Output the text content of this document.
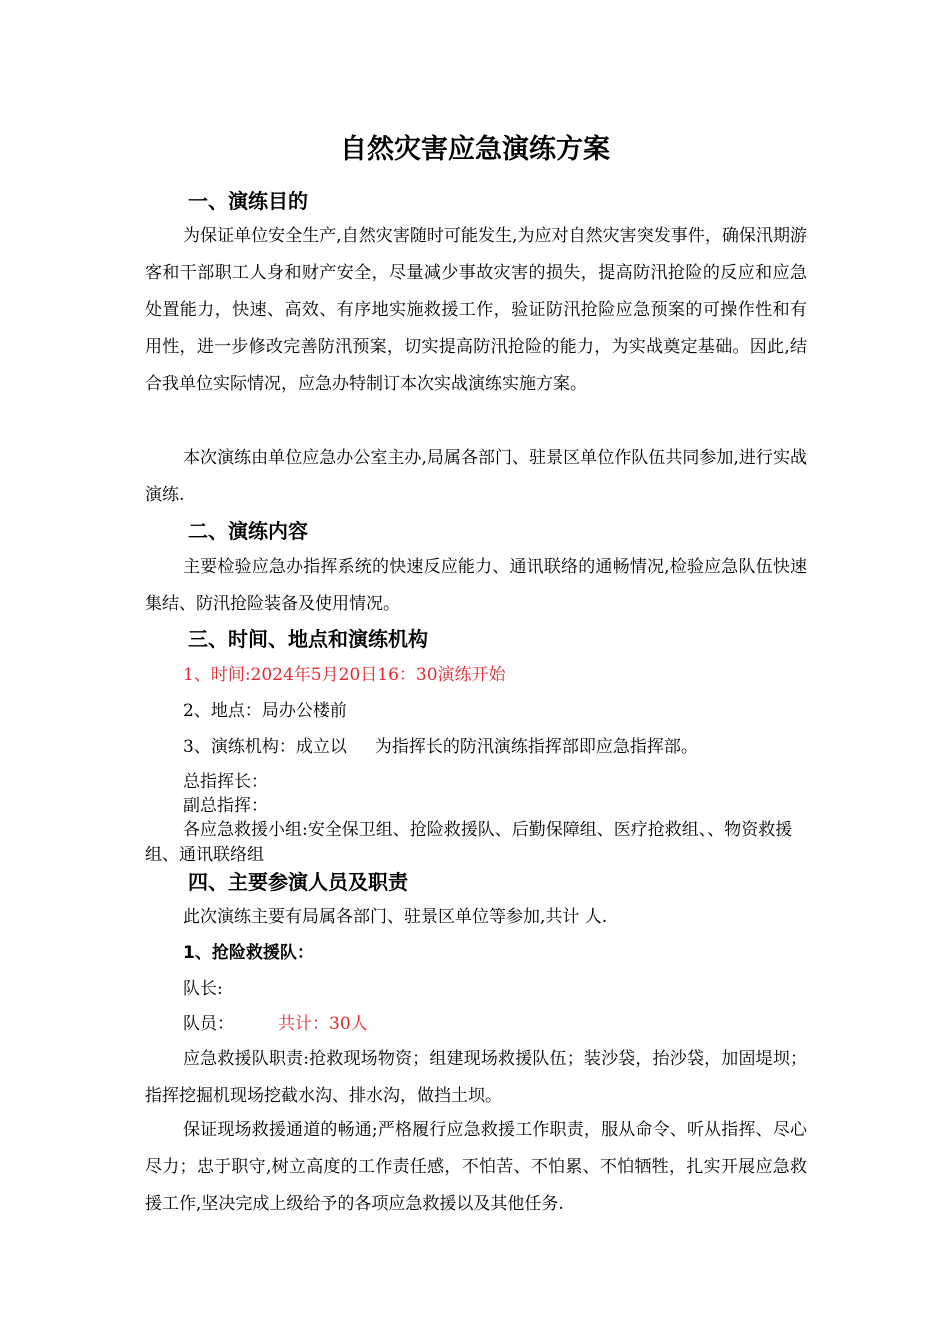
自然灾害应急演练方案
一、演练目的

为保证单位安全生产,自然灾害随时可能发生,为应对自然灾害突发事件，确保汛期游客和干部职工人身和财产安全，尽量减少事故灾害的损失，提高防汛抢险的反应和应急处置能力，快速、高效、有序地实施救援工作，验证防汛抢险应急预案的可操作性和有用性，进一步修改完善防汛预案，切实提高防汛抢险的能力，为实战奠定基础。因此,结合我单位实际情况，应急办特制订本次实战演练实施方案。

本次演练由单位应急办公室主办,局属各部门、驻景区单位作队伍共同参加,进行实战演练.

二、演练内容

主要检验应急办指挥系统的快速反应能力、通讯联络的通畅情况,检验应急队伍快速集结、防汛抢险装备及使用情况。

三、时间、地点和演练机构

1、时间:2024年5月20日16：30演练开始

2、地点：局办公楼前

3、演练机构：成立以 为指挥长的防汛演练指挥部即应急指挥部。

总指挥长：

副总指挥：

各应急救援小组:安全保卫组、抢险救援队、后勤保障组、医疗抢救组、、物资救援组、通讯联络组

四、主要参演人员及职责

此次演练主要有局属各部门、驻景区单位等参加,共计 人.

1、抢险救援队：

队长:

队员：	共计：30人

应急救援队职责:抢救现场物资；组建现场救援队伍；装沙袋，抬沙袋，加固堤坝；指挥挖掘机现场挖截水沟、排水沟，做挡土坝。

保证现场救援通道的畅通;严格履行应急救援工作职责，服从命令、听从指挥、尽心尽力；忠于职守,树立高度的工作责任感，不怕苦、不怕累、不怕牺牲，扎实开展应急救援工作,坚决完成上级给予的各项应急救援以及其他任务.
